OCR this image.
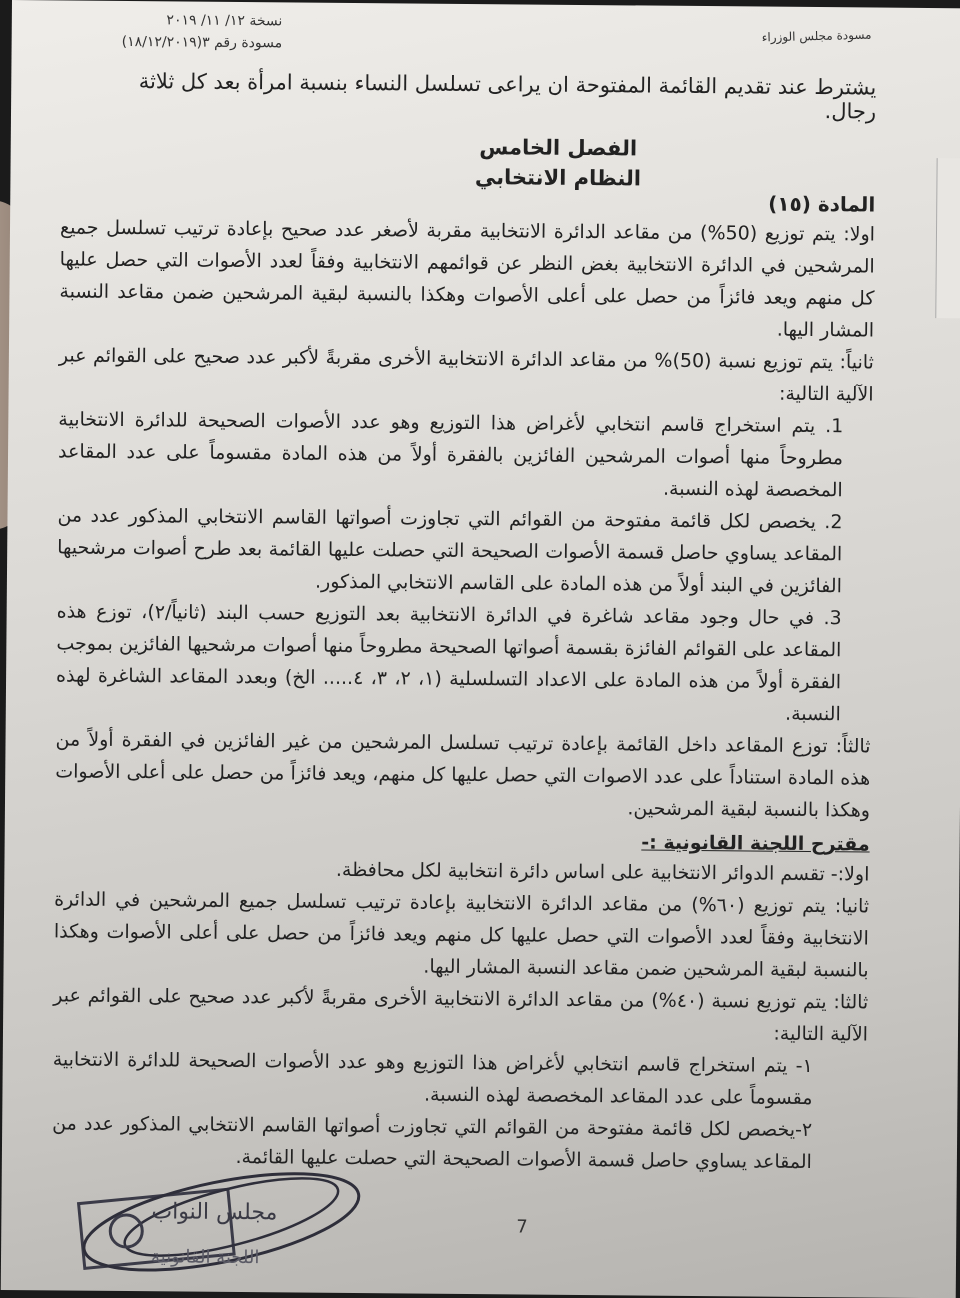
مسودة مجلس الوزراء
نسخة ١٢/ ١١/ ٢٠١٩
مسودة رقم ٣(١٨/١٢/٢٠١٩)
يشترط عند تقديم القائمة المفتوحة ان يراعى تسلسل النساء بنسبة امرأة بعد كل ثلاثة رجال.
الفصل الخامس
النظام الانتخابي
المادة (١٥)

اولا: يتم توزيع (50%) من مقاعد الدائرة الانتخابية مقربة لأصغر عدد صحيح بإعادة ترتيب تسلسل جميع المرشحين في الدائرة الانتخابية بغض النظر عن قوائمهم الانتخابية وفقاً لعدد الأصوات التي حصل عليها كل منهم ويعد فائزاً من حصل على أعلى الأصوات وهكذا بالنسبة لبقية المرشحين ضمن مقاعد النسبة المشار اليها.

ثانياً: يتم توزيع نسبة (50)% من مقاعد الدائرة الانتخابية الأخرى مقربةً لأكبر عدد صحيح على القوائم عبر الآلية التالية:

1. يتم استخراج قاسم انتخابي لأغراض هذا التوزيع وهو عدد الأصوات الصحيحة للدائرة الانتخابية مطروحاً منها أصوات المرشحين الفائزين بالفقرة أولاً من هذه المادة مقسوماً على عدد المقاعد المخصصة لهذه النسبة.

2. يخصص لكل قائمة مفتوحة من القوائم التي تجاوزت أصواتها القاسم الانتخابي المذكور عدد من المقاعد يساوي حاصل قسمة الأصوات الصحيحة التي حصلت عليها القائمة بعد طرح أصوات مرشحيها الفائزين في البند أولاً من هذه المادة على القاسم الانتخابي المذكور.

3. في حال وجود مقاعد شاغرة في الدائرة الانتخابية بعد التوزيع حسب البند (ثانياً/٢)، توزع هذه المقاعد على القوائم الفائزة بقسمة أصواتها الصحيحة مطروحاً منها أصوات مرشحيها الفائزين بموجب الفقرة أولاً من هذه المادة على الاعداد التسلسلية (١، ٢، ٣، ٤..... الخ) وبعدد المقاعد الشاغرة لهذه النسبة.

ثالثاً: توزع المقاعد داخل القائمة بإعادة ترتيب تسلسل المرشحين من غير الفائزين في الفقرة أولاً من هذه المادة استناداً على عدد الاصوات التي حصل عليها كل منهم، ويعد فائزاً من حصل على أعلى الأصوات وهكذا بالنسبة لبقية المرشحين.

مقترح اللجنة القانونية :-

اولا:- تقسم الدوائر الانتخابية على اساس دائرة انتخابية لكل محافظة.

ثانيا: يتم توزيع (٦٠%) من مقاعد الدائرة الانتخابية بإعادة ترتيب تسلسل جميع المرشحين في الدائرة الانتخابية وفقاً لعدد الأصوات التي حصل عليها كل منهم ويعد فائزاً من حصل على أعلى الأصوات وهكذا بالنسبة لبقية المرشحين ضمن مقاعد النسبة المشار اليها.

ثالثا: يتم توزيع نسبة (٤٠%) من مقاعد الدائرة الانتخابية الأخرى مقربةً لأكبر عدد صحيح على القوائم عبر الآلية التالية:

١- يتم استخراج قاسم انتخابي لأغراض هذا التوزيع وهو عدد الأصوات الصحيحة للدائرة الانتخابية مقسوماً على عدد المقاعد المخصصة لهذه النسبة.

٢-يخصص لكل قائمة مفتوحة من القوائم التي تجاوزت أصواتها القاسم الانتخابي المذكور عدد من المقاعد يساوي حاصل قسمة الأصوات الصحيحة التي حصلت عليها القائمة.

مجلس النواب
اللجنة القانونية
7
